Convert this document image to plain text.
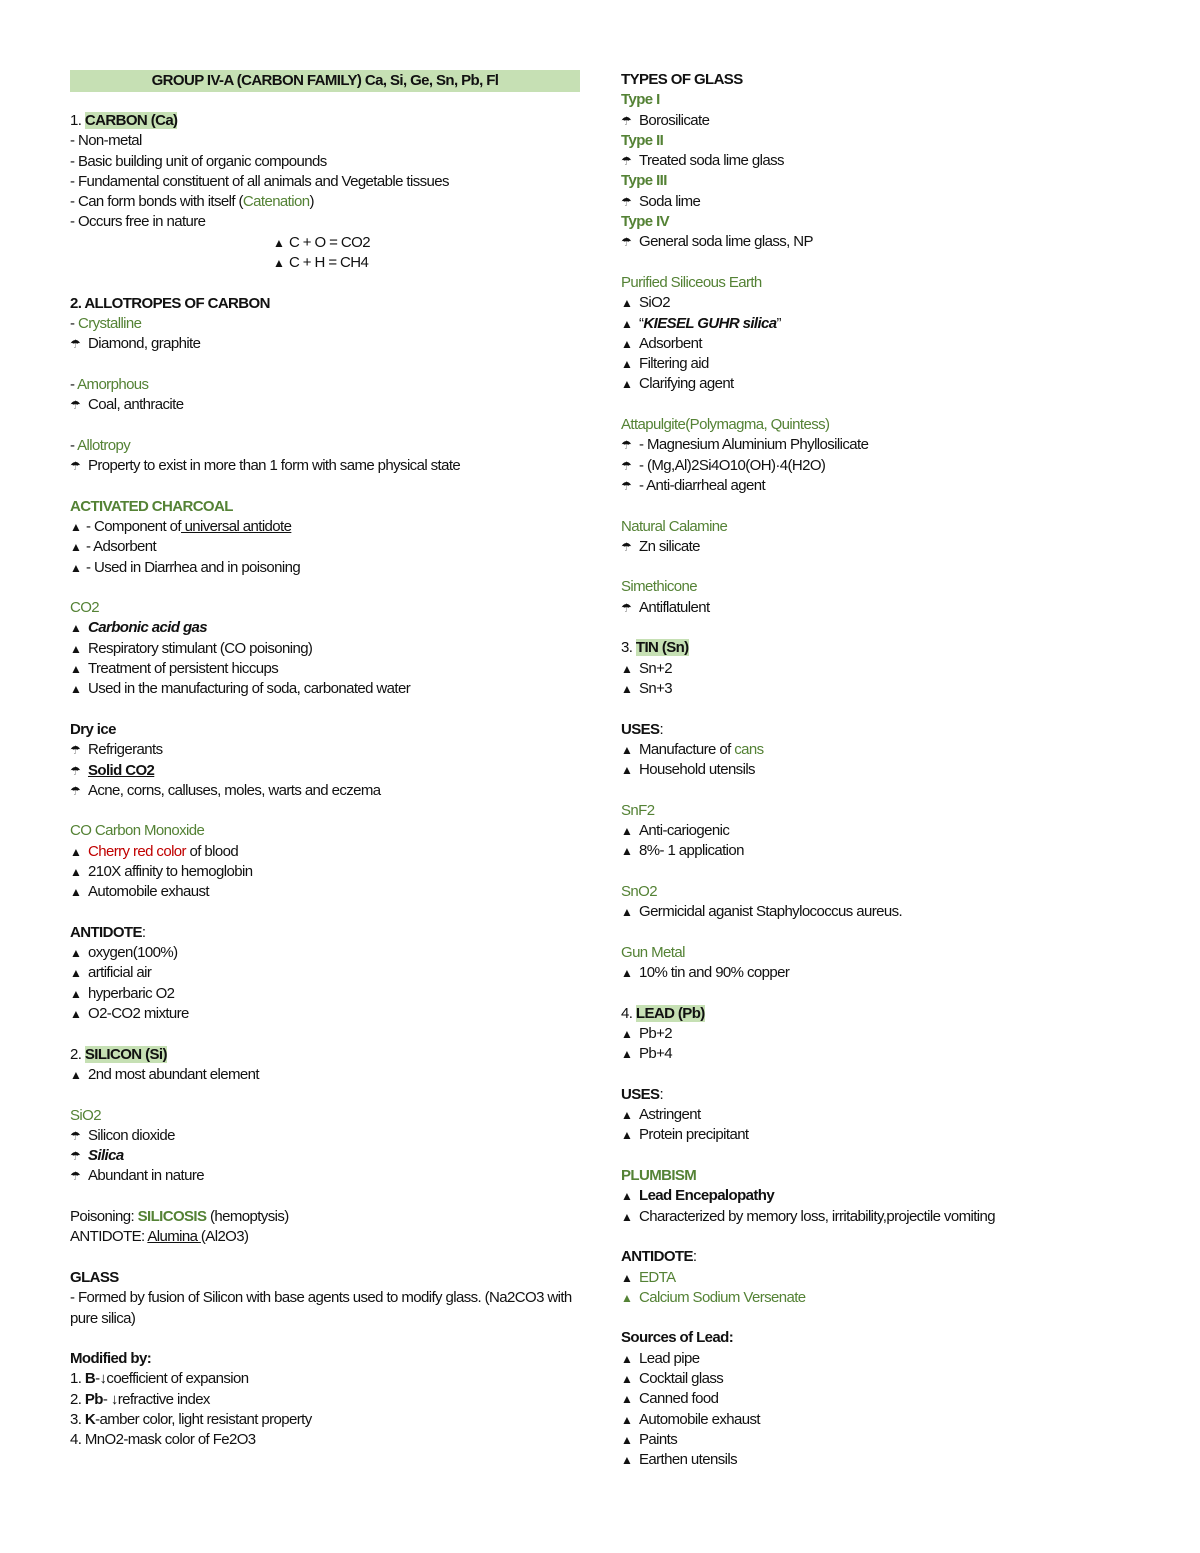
GROUP IV-A (CARBON FAMILY) Ca, Si, Ge, Sn, Pb, Fl
1. CARBON (Ca)
- Non-metal
- Basic building unit of organic compounds
- Fundamental constituent of all animals and Vegetable tissues
- Can form bonds with itself (Catenation)
- Occurs free in nature
▲ C + O = CO2
▲ C + H = CH4
2. ALLOTROPES OF CARBON
- Crystalline
☂ Diamond, graphite
- Amorphous
☂ Coal, anthracite
- Allotropy
☂ Property to exist in more than 1 form with same physical state
ACTIVATED CHARCOAL
▲ - Component of universal antidote
▲ - Adsorbent
▲ - Used in Diarrhea and in poisoning
CO2
▲ Carbonic acid gas
▲ Respiratory stimulant (CO poisoning)
▲ Treatment of persistent hiccups
▲ Used in the manufacturing of soda, carbonated water
Dry ice
☂ Refrigerants
☂ Solid CO2
☂ Acne, corns, calluses, moles, warts and eczema
CO Carbon Monoxide
▲ Cherry red color of blood
▲ 210X affinity to hemoglobin
▲ Automobile exhaust
ANTIDOTE:
▲ oxygen(100%)
▲ artificial air
▲ hyperbaric O2
▲ O2-CO2 mixture
2. SILICON (Si)
▲ 2nd most abundant element
SiO2
☂ Silicon dioxide
☂ Silica
☂ Abundant in nature
Poisoning: SILICOSIS (hemoptysis)
ANTIDOTE: Alumina (Al2O3)
GLASS
- Formed by fusion of Silicon with base agents used to modify glass. (Na2CO3 with pure silica)
Modified by:
1. B-↓coefficient of expansion
2. Pb- ↓refractive index
3. K-amber color, light resistant property
4. MnO2-mask color of Fe2O3
TYPES OF GLASS
Type I
☂ Borosilicate
Type II
☂ Treated soda lime glass
Type III
☂ Soda lime
Type IV
☂ General soda lime glass, NP
Purified Siliceous Earth
▲ SiO2
▲ “KIESEL GUHR silica”
▲ Adsorbent
▲ Filtering aid
▲ Clarifying agent
Attapulgite(Polymagma, Quintess)
☂ - Magnesium Aluminium Phyllosilicate
☂ - (Mg,Al)2Si4O10(OH)·4(H2O)
☂ - Anti-diarrheal agent
Natural Calamine
☂ Zn silicate
Simethicone
☂ Antiflatulent
3. TIN (Sn)
▲ Sn+2
▲ Sn+3
USES:
▲ Manufacture of cans
▲ Household utensils
SnF2
▲ Anti-cariogenic
▲ 8%- 1 application
SnO2
▲ Germicidal aganist Staphylococcus aureus.
Gun Metal
▲ 10% tin and 90% copper
4. LEAD (Pb)
▲ Pb+2
▲ Pb+4
USES:
▲ Astringent
▲ Protein precipitant
PLUMBISM
▲ Lead Encepalopathy
▲ Characterized by memory loss, irritability,projectile vomiting
ANTIDOTE:
▲ EDTA
▲ Calcium Sodium Versenate
Sources of Lead:
▲ Lead pipe
▲ Cocktail glass
▲ Canned food
▲ Automobile exhaust
▲ Paints
▲ Earthen utensils
